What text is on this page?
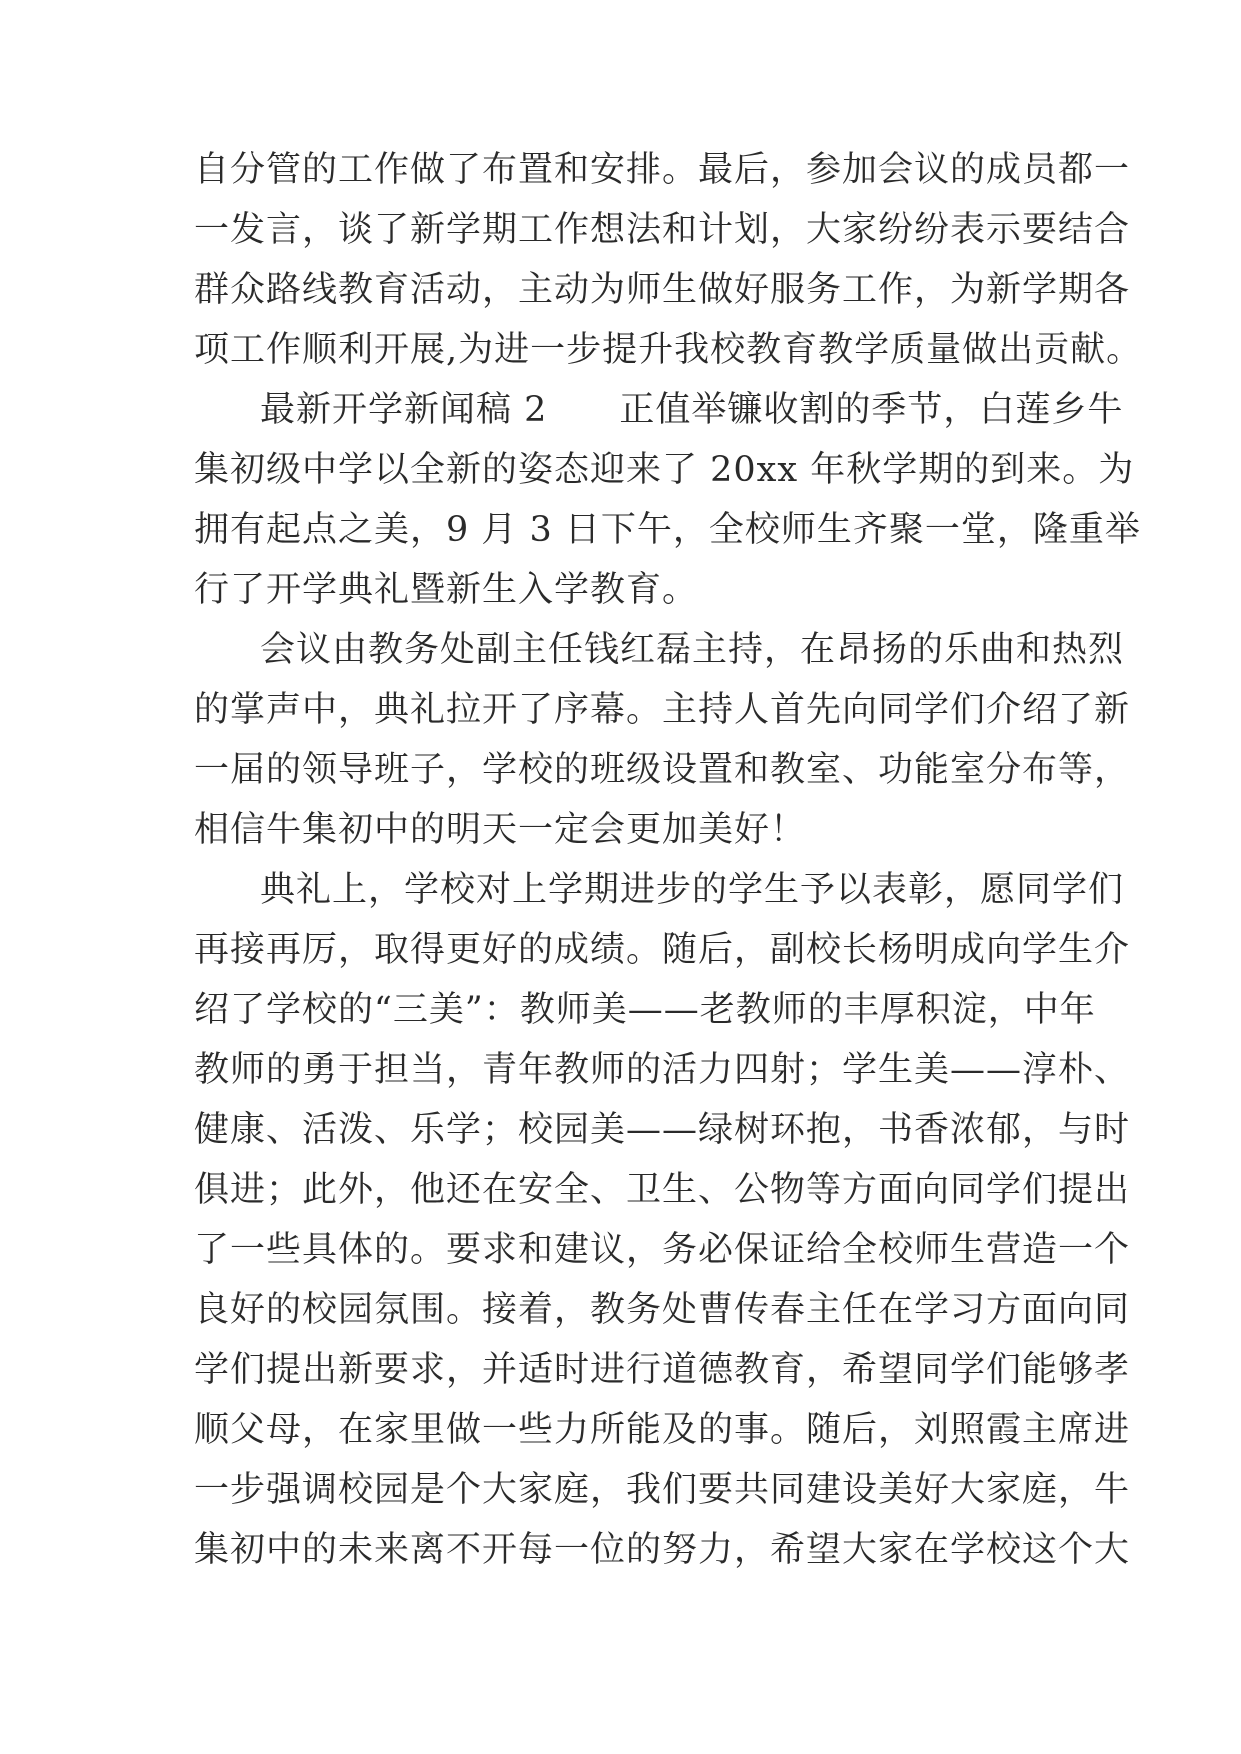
自分管的工作做了布置和安排。最后，参加会议的成员都一
一发言，谈了新学期工作想法和计划，大家纷纷表示要结合
群众路线教育活动，主动为师生做好服务工作，为新学期各
项工作顺利开展,为进一步提升我校教育教学质量做出贡献。
最新开学新闻稿 2　　正值举镰收割的季节，白莲乡牛
集初级中学以全新的姿态迎来了 20xx 年秋学期的到来。为
拥有起点之美，9 月 3 日下午，全校师生齐聚一堂，隆重举
行了开学典礼暨新生入学教育。
会议由教务处副主任钱红磊主持，在昂扬的乐曲和热烈
的掌声中，典礼拉开了序幕。主持人首先向同学们介绍了新
一届的领导班子，学校的班级设置和教室、功能室分布等，
相信牛集初中的明天一定会更加美好！
典礼上，学校对上学期进步的学生予以表彰，愿同学们
再接再厉，取得更好的成绩。随后，副校长杨明成向学生介
绍了学校的“三美”：教师美——老教师的丰厚积淀，中年
教师的勇于担当，青年教师的活力四射；学生美——淳朴、
健康、活泼、乐学；校园美——绿树环抱，书香浓郁，与时
俱进；此外，他还在安全、卫生、公物等方面向同学们提出
了一些具体的。要求和建议，务必保证给全校师生营造一个
良好的校园氛围。接着，教务处曹传春主任在学习方面向同
学们提出新要求，并适时进行道德教育，希望同学们能够孝
顺父母，在家里做一些力所能及的事。随后，刘照霞主席进
一步强调校园是个大家庭，我们要共同建设美好大家庭，牛
集初中的未来离不开每一位的努力，希望大家在学校这个大
